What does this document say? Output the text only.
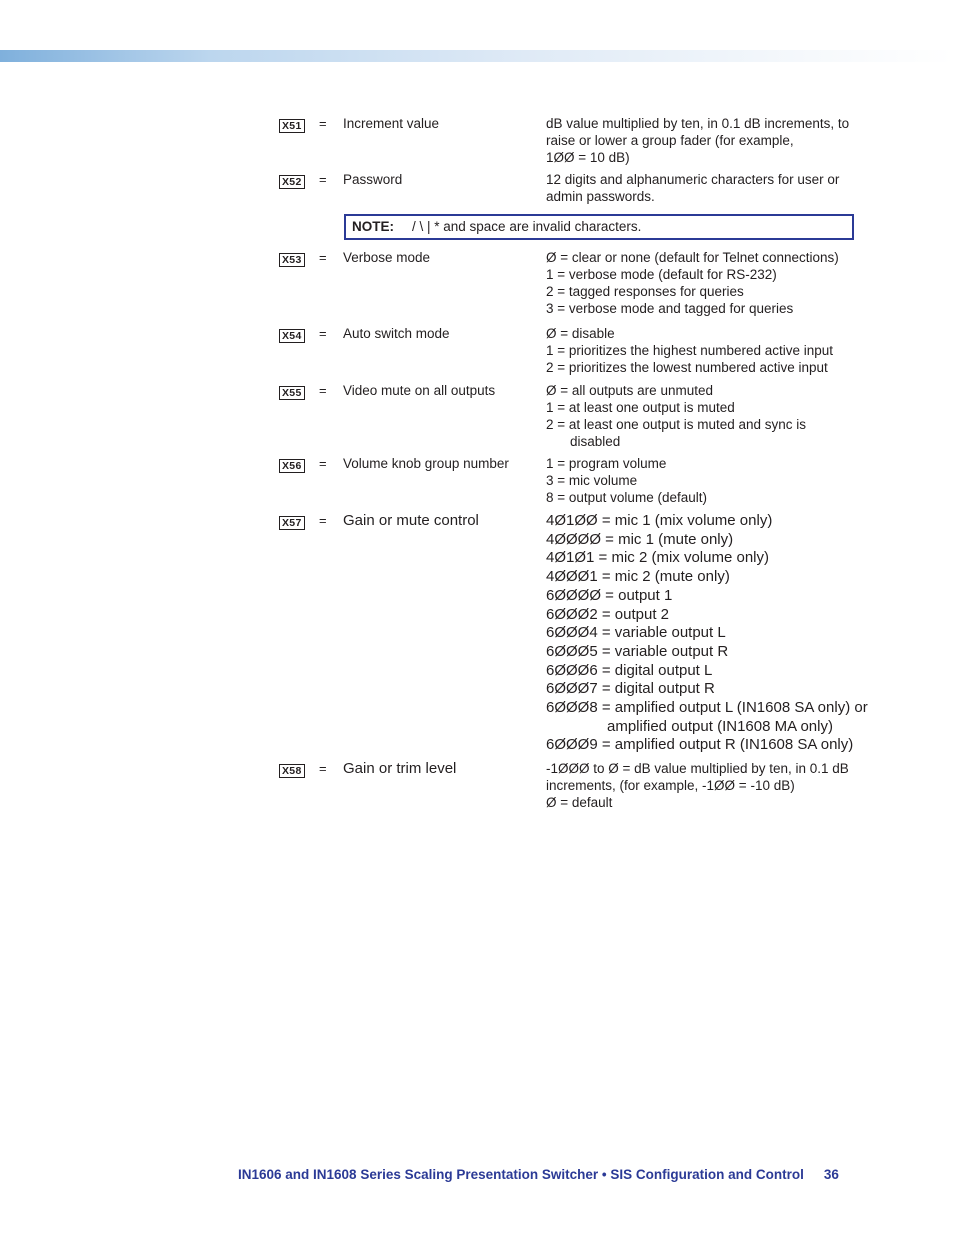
X51 = Increment value	dB value multiplied by ten, in 0.1 dB increments, to
raise or lower a group fader (for example,
1ØØ = 10 dB)
X52 = Password	12 digits and alphanumeric characters for user or
admin passwords.
NOTE: / \ | * and space are invalid characters.
X53 = Verbose mode	Ø = clear or none (default for Telnet connections)
1 = verbose mode (default for RS-232)
2 = tagged responses for queries
3 = verbose mode and tagged for queries
X54 = Auto switch mode	Ø = disable
1 = prioritizes the highest numbered active input
2 = prioritizes the lowest numbered active input
X55 = Video mute on all outputs	Ø = all outputs are unmuted
1 = at least one output is muted
2 = at least one output is muted and sync is
disabled
X56 = Volume knob group number	1 = program volume
3 = mic volume
8 = output volume (default)
X57 = Gain or mute control	4Ø1ØØ = mic 1 (mix volume only)
4ØØØØ = mic 1 (mute only)
4Ø1Ø1 = mic 2 (mix volume only)
4ØØØ1 = mic 2 (mute only)
6ØØØØ = output 1
6ØØØ2 = output 2
6ØØØ4 = variable output L
6ØØØ5 = variable output R
6ØØØ6 = digital output L
6ØØØ7 = digital output R
6ØØØ8 = amplified output L (IN1608 SA only) or
amplified output (IN1608 MA only)
6ØØØ9 = amplified output R (IN1608 SA only)
X58 = Gain or trim level	-1ØØØ to Ø = dB value multiplied by ten, in 0.1 dB
increments, (for example, -1ØØ = -10 dB)
Ø = default
IN1606 and IN1608 Series Scaling Presentation Switcher • SIS Configuration and Control 36
